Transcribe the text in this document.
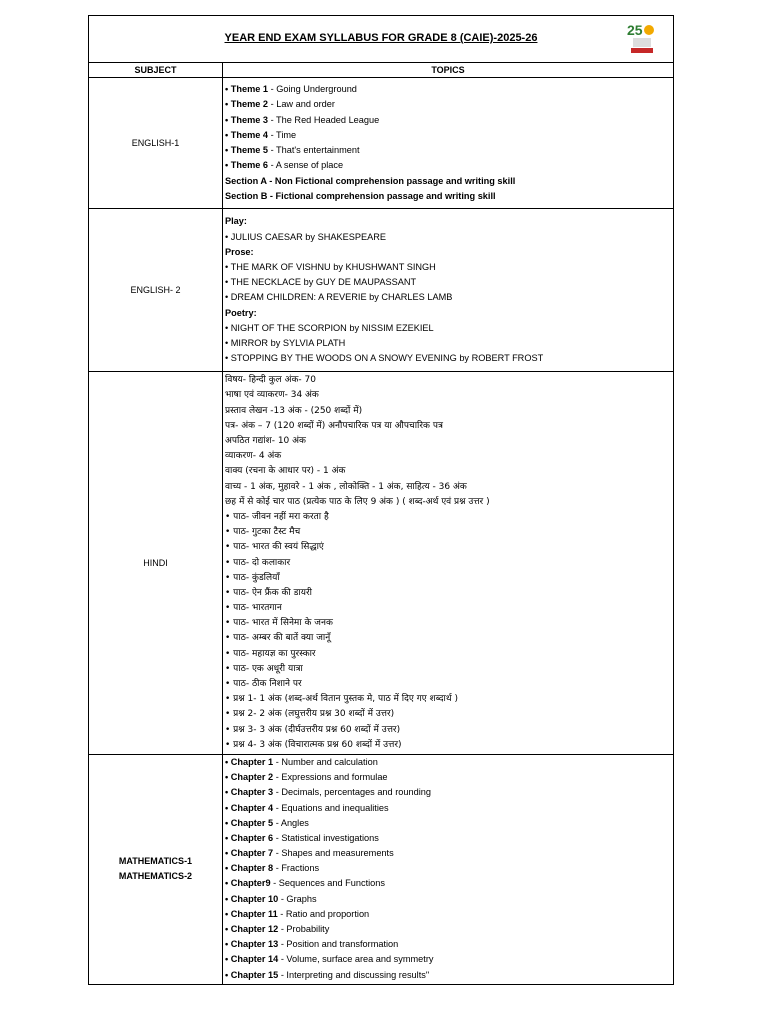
YEAR END EXAM SYLLABUS FOR GRADE 8 (CAIE)-2025-26	25
SUBJECT	TOPICS
ENGLISH-1
• Theme 1 - Going Underground
• Theme 2 - Law and order
• Theme 3 - The Red Headed League
• Theme 4 - Time
• Theme 5 - That's entertainment
• Theme 6 - A sense of place
Section A - Non Fictional comprehension passage and writing skill
Section B - Fictional comprehension passage and writing skill
ENGLISH- 2
Play:
• JULIUS CAESAR by SHAKESPEARE
Prose:
• THE MARK OF VISHNU by KHUSHWANT SINGH
• THE NECKLACE by GUY DE MAUPASSANT
• DREAM CHILDREN: A REVERIE by CHARLES LAMB
Poetry:
• NIGHT OF THE SCORPION by NISSIM EZEKIEL
• MIRROR by SYLVIA PLATH
• STOPPING BY THE WOODS ON A SNOWY EVENING by ROBERT FROST
HINDI
विषय- हिन्दी कुल अंक- 70
भाषा एवं व्याकरण- 34 अंक
प्रस्ताव लेखन -13 अंक - (250 शब्दों में)
पत्र- अंक – 7 (120 शब्दों में) अनौपचारिक पत्र या औपचारिक पत्र
अपठित गद्यांश- 10 अंक
व्याकरण- 4 अंक
वाक्य (रचना के आधार पर) - 1 अंक
वाच्य - 1 अंक, मुहावरे - 1 अंक , लोकोक्ति - 1 अंक, साहित्य - 36 अंक
छह में से कोई चार पाठ (प्रत्येक पाठ के लिए 9 अंक ) ( शब्द-अर्थ एवं प्रश्न उत्तर )
• पाठ- जीवन नहीं मरा करता है
• पाठ- गुटका टैस्ट मैच
• पाठ- भारत की स्वयं सिद्धाएं
• पाठ- दो कलाकार
• पाठ- कुंडलियाँ
• पाठ- ऐन फ्रैंक की डायरी
• पाठ- भारतगान
• पाठ- भारत में सिनेमा के जनक
• पाठ- अम्बर की बातें क्या जानूँ
• पाठ- महायज्ञ का पुरस्कार
• पाठ- एक अधूरी यात्रा
• पाठ- ठीक निशाने पर
• प्रश्न 1- 1 अंक (शब्द-अर्थ वितान पुस्तक मे, पाठ में दिए गए शब्दार्थ )
• प्रश्न 2- 2 अंक (लघुत्तरीय प्रश्न 30 शब्दों में उत्तर)
• प्रश्न 3- 3 अंक (दीर्घउत्तरीय प्रश्न 60 शब्दों में उत्तर)
• प्रश्न 4- 3 अंक (विचारात्मक प्रश्न 60 शब्दों में उत्तर)
MATHEMATICS-1
MATHEMATICS-2
• Chapter 1 - Number and calculation
• Chapter 2 - Expressions and formulae
• Chapter 3 - Decimals, percentages and rounding
• Chapter 4 - Equations and inequalities
• Chapter 5 - Angles
• Chapter 6 - Statistical investigations
• Chapter 7 - Shapes and measurements
• Chapter 8 - Fractions
• Chapter9 - Sequences and Functions
• Chapter 10 - Graphs
• Chapter 11 - Ratio and proportion
• Chapter 12 - Probability
• Chapter 13 - Position and transformation
• Chapter 14 - Volume, surface area and symmetry
• Chapter 15 - Interpreting and discussing results"
